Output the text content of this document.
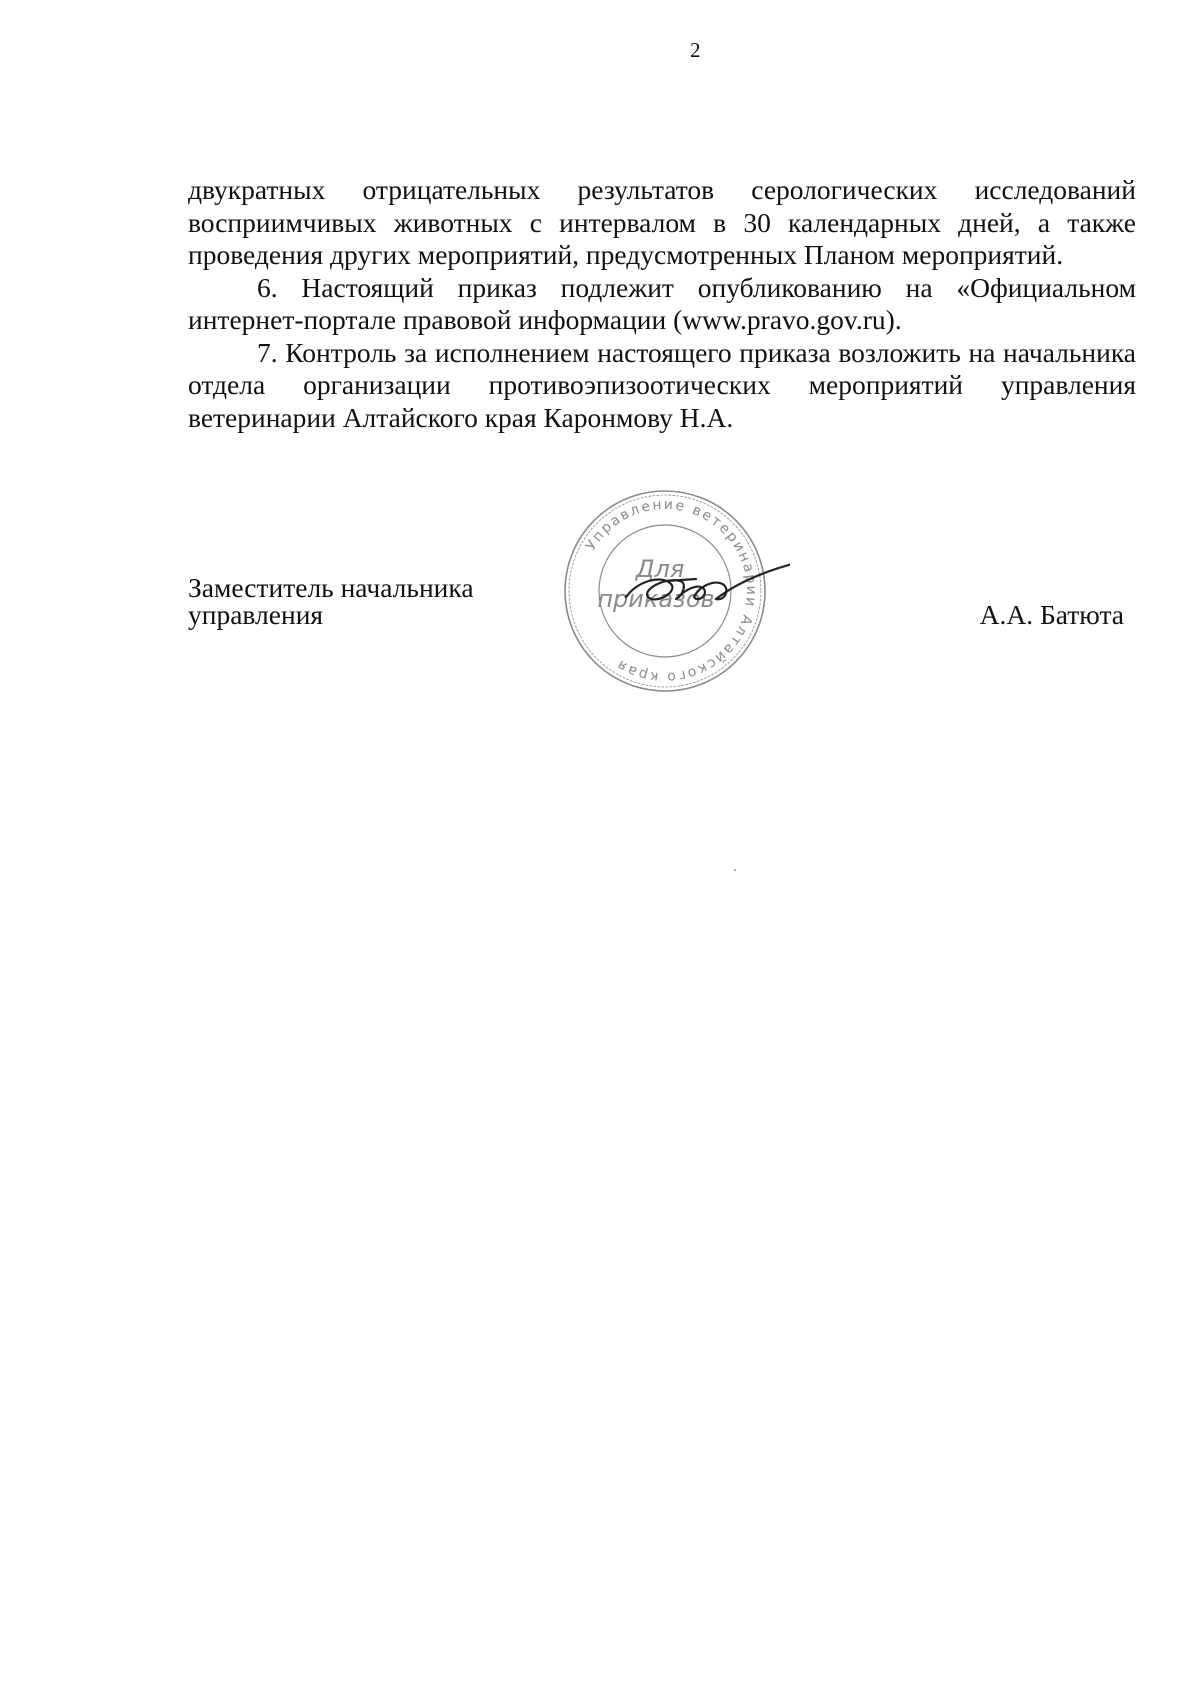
2

двукратных отрицательных результатов серологических исследований восприимчивых животных с интервалом в 30 календарных дней, а также проведения других мероприятий, предусмотренных Планом мероприятий.

6. Настоящий приказ подлежит опубликованию на «Официальном интернет-портале правовой информации (www.pravo.gov.ru).

7. Контроль за исполнением настоящего приказа возложить на начальника отдела организации противоэпизоотических мероприятий управления ветеринарии Алтайского края Каронмову Н.А.

Заместитель начальника
управления	А.А. Батюта
Управление ветеринарии Алтайского края
Для
приказов
